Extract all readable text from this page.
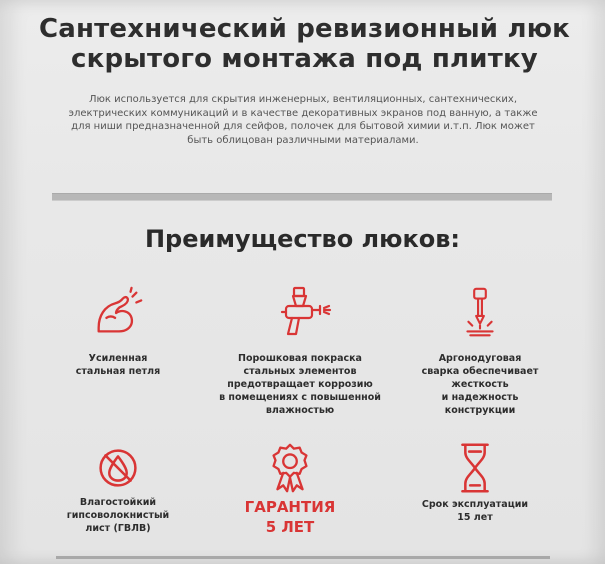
Сантехнический ревизионный люк
скрытого монтажа под плитку
Люк используется для скрытия инженерных, вентиляционных, сантехнических, электрических коммуникаций и в качестве декоративных экранов под ванную, а также для ниши предназначенной для сейфов, полочек для бытовой химии и.т.п. Люк может быть облицован различными материалами.
Преимущество люков:
Усиленная
стальная петля
Порошковая покраска
стальных элементов
предотвращает коррозию
в помещениях с повышенной
влажностью
Аргонодуговая
сварка обеспечивает
жесткость
и надежность
конструкции
Влагостойкий
гипсоволокнистый
лист (ГВЛВ)
ГАРАНТИЯ
5 ЛЕТ
Срок эксплуатации
15 лет
